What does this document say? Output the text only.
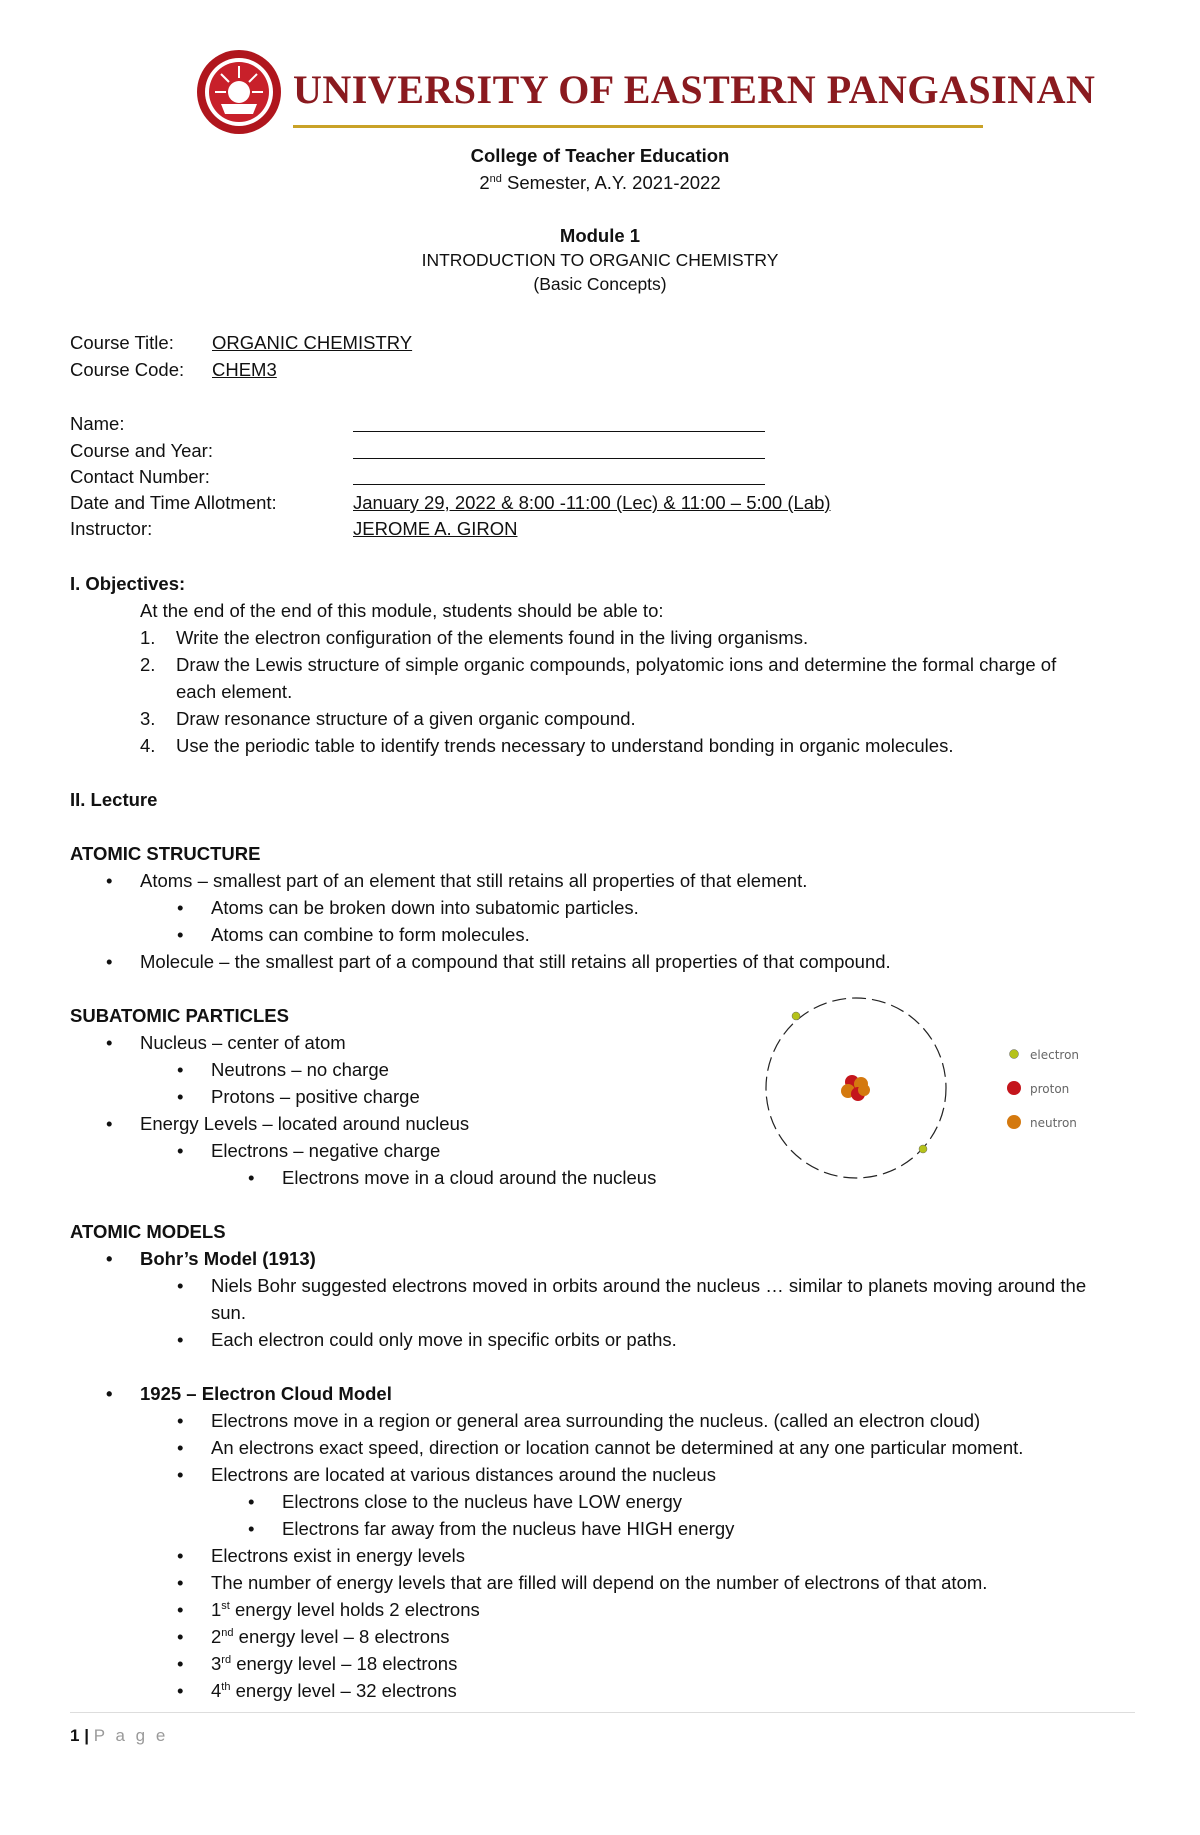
UNIVERSITY OF EASTERN PANGASINAN
College of Teacher Education
2nd Semester, A.Y. 2021-2022
Module 1
INTRODUCTION TO ORGANIC CHEMISTRY
(Basic Concepts)
Course Title: ORGANIC CHEMISTRY
Course Code: CHEM3
Name:
Course and Year:
Contact Number:
Date and Time Allotment:	January 29, 2022 & 8:00 -11:00 (Lec) & 11:00 – 5:00 (Lab)
Instructor:	JEROME A. GIRON
I. Objectives:
At the end of the end of this module, students should be able to:
1. Write the electron configuration of the elements found in the living organisms.
2. Draw the Lewis structure of simple organic compounds, polyatomic ions and determine the formal charge of
each element.
3. Draw resonance structure of a given organic compound.
4. Use the periodic table to identify trends necessary to understand bonding in organic molecules.
II. Lecture
ATOMIC STRUCTURE
• Atoms – smallest part of an element that still retains all properties of that element.
• Atoms can be broken down into subatomic particles.
• Atoms can combine to form molecules.
• Molecule – the smallest part of a compound that still retains all properties of that compound.
SUBATOMIC PARTICLES
• Nucleus – center of atom
• Neutrons – no charge
• Protons – positive charge
• Energy Levels – located around nucleus
• Electrons – negative charge
• Electrons move in a cloud around the nucleus
electron
proton
neutron
ATOMIC MODELS
• Bohr’s Model (1913)
• Niels Bohr suggested electrons moved in orbits around the nucleus … similar to planets moving around the
sun.
• Each electron could only move in specific orbits or paths.
• 1925 – Electron Cloud Model
• Electrons move in a region or general area surrounding the nucleus. (called an electron cloud)
• An electrons exact speed, direction or location cannot be determined at any one particular moment.
• Electrons are located at various distances around the nucleus
• Electrons close to the nucleus have LOW energy
• Electrons far away from the nucleus have HIGH energy
• Electrons exist in energy levels
• The number of energy levels that are filled will depend on the number of electrons of that atom.
• 1st energy level holds 2 electrons
• 2nd energy level – 8 electrons
• 3rd energy level – 18 electrons
• 4th energy level – 32 electrons
1 | P a g e
